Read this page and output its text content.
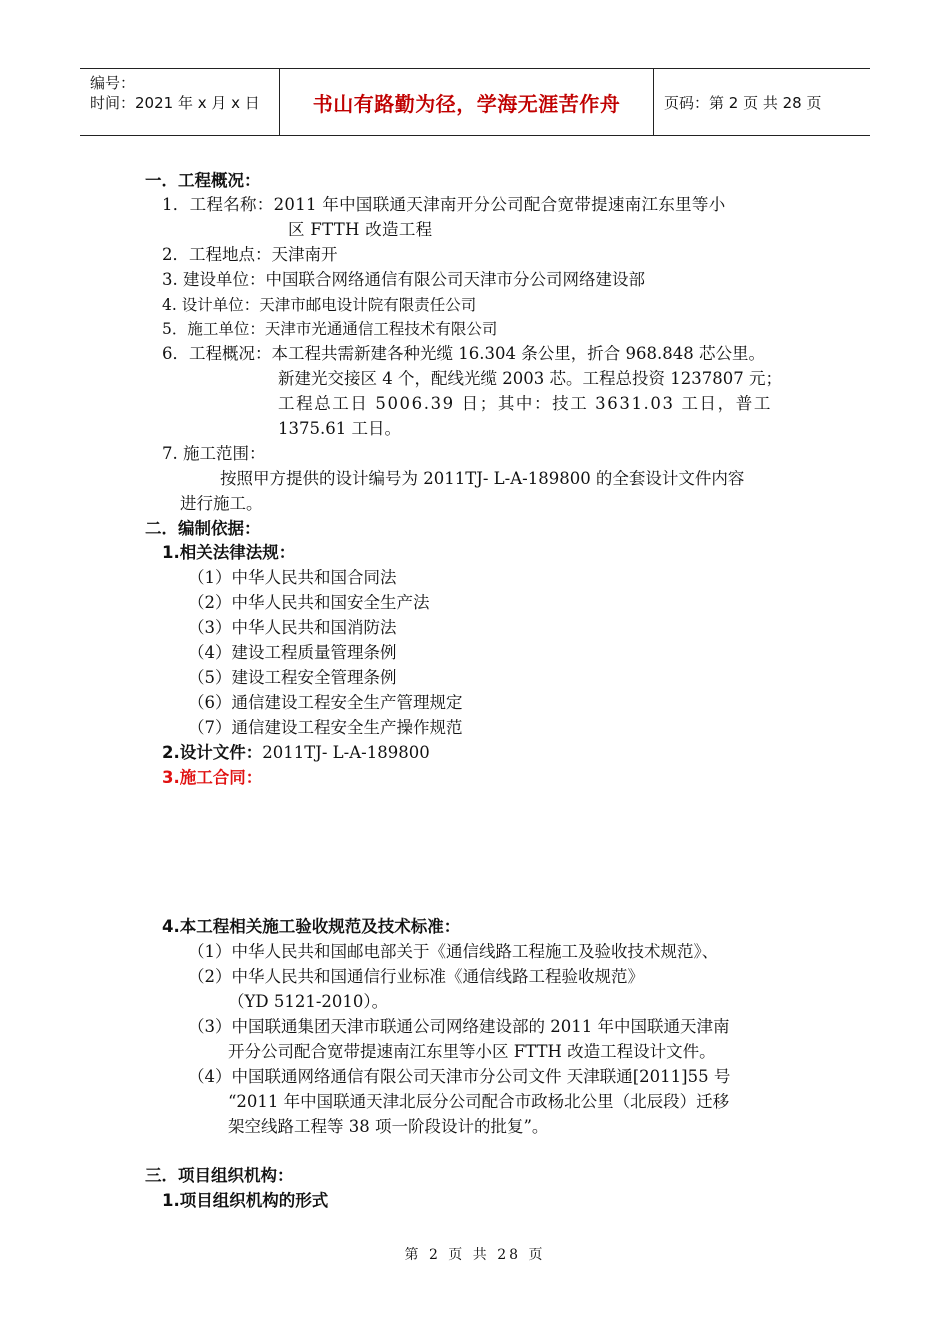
编号：
时间：2021 年 x 月 x 日	书山有路勤为径，学海无涯苦作舟	页码：第 2 页 共 28 页
一．工程概况：
1．工程名称：2011 年中国联通天津南开分公司配合宽带提速南江东里等小
区 FTTH 改造工程
2．工程地点：天津南开
3. 建设单位：中国联合网络通信有限公司天津市分公司网络建设部
4. 设计单位：天津市邮电设计院有限责任公司
5．施工单位：天津市光通通信工程技术有限公司
6．工程概况：本工程共需新建各种光缆 16.304 条公里，折合 968.848 芯公里。
新建光交接区 4 个，配线光缆 2003 芯。工程总投资 1237807 元；
工程总工日 5006.39 日；其中：技工 3631.03 工日，普工
1375.61 工日。
7. 施工范围：
按照甲方提供的设计编号为 2011TJ- L-A-189800 的全套设计文件内容
进行施工。
二．编制依据：
1.相关法律法规：
（1）中华人民共和国合同法
（2）中华人民共和国安全生产法
（3）中华人民共和国消防法
（4）建设工程质量管理条例
（5）建设工程安全管理条例
（6）通信建设工程安全生产管理规定
（7）通信建设工程安全生产操作规范
2.设计文件：2011TJ- L-A-189800
3.施工合同：
4.本工程相关施工验收规范及技术标准：
（1）中华人民共和国邮电部关于《通信线路工程施工及验收技术规范》、
（2）中华人民共和国通信行业标准《通信线路工程验收规范》
（YD 5121-2010）。
（3）中国联通集团天津市联通公司网络建设部的 2011 年中国联通天津南
开分公司配合宽带提速南江东里等小区 FTTH 改造工程设计文件。
（4）中国联通网络通信有限公司天津市分公司文件 天津联通[2011]55 号
“2011 年中国联通天津北辰分公司配合市政杨北公里（北辰段）迁移
架空线路工程等 38 项一阶段设计的批复”。
三．项目组织机构：
1.项目组织机构的形式
第 2 页 共 28 页
